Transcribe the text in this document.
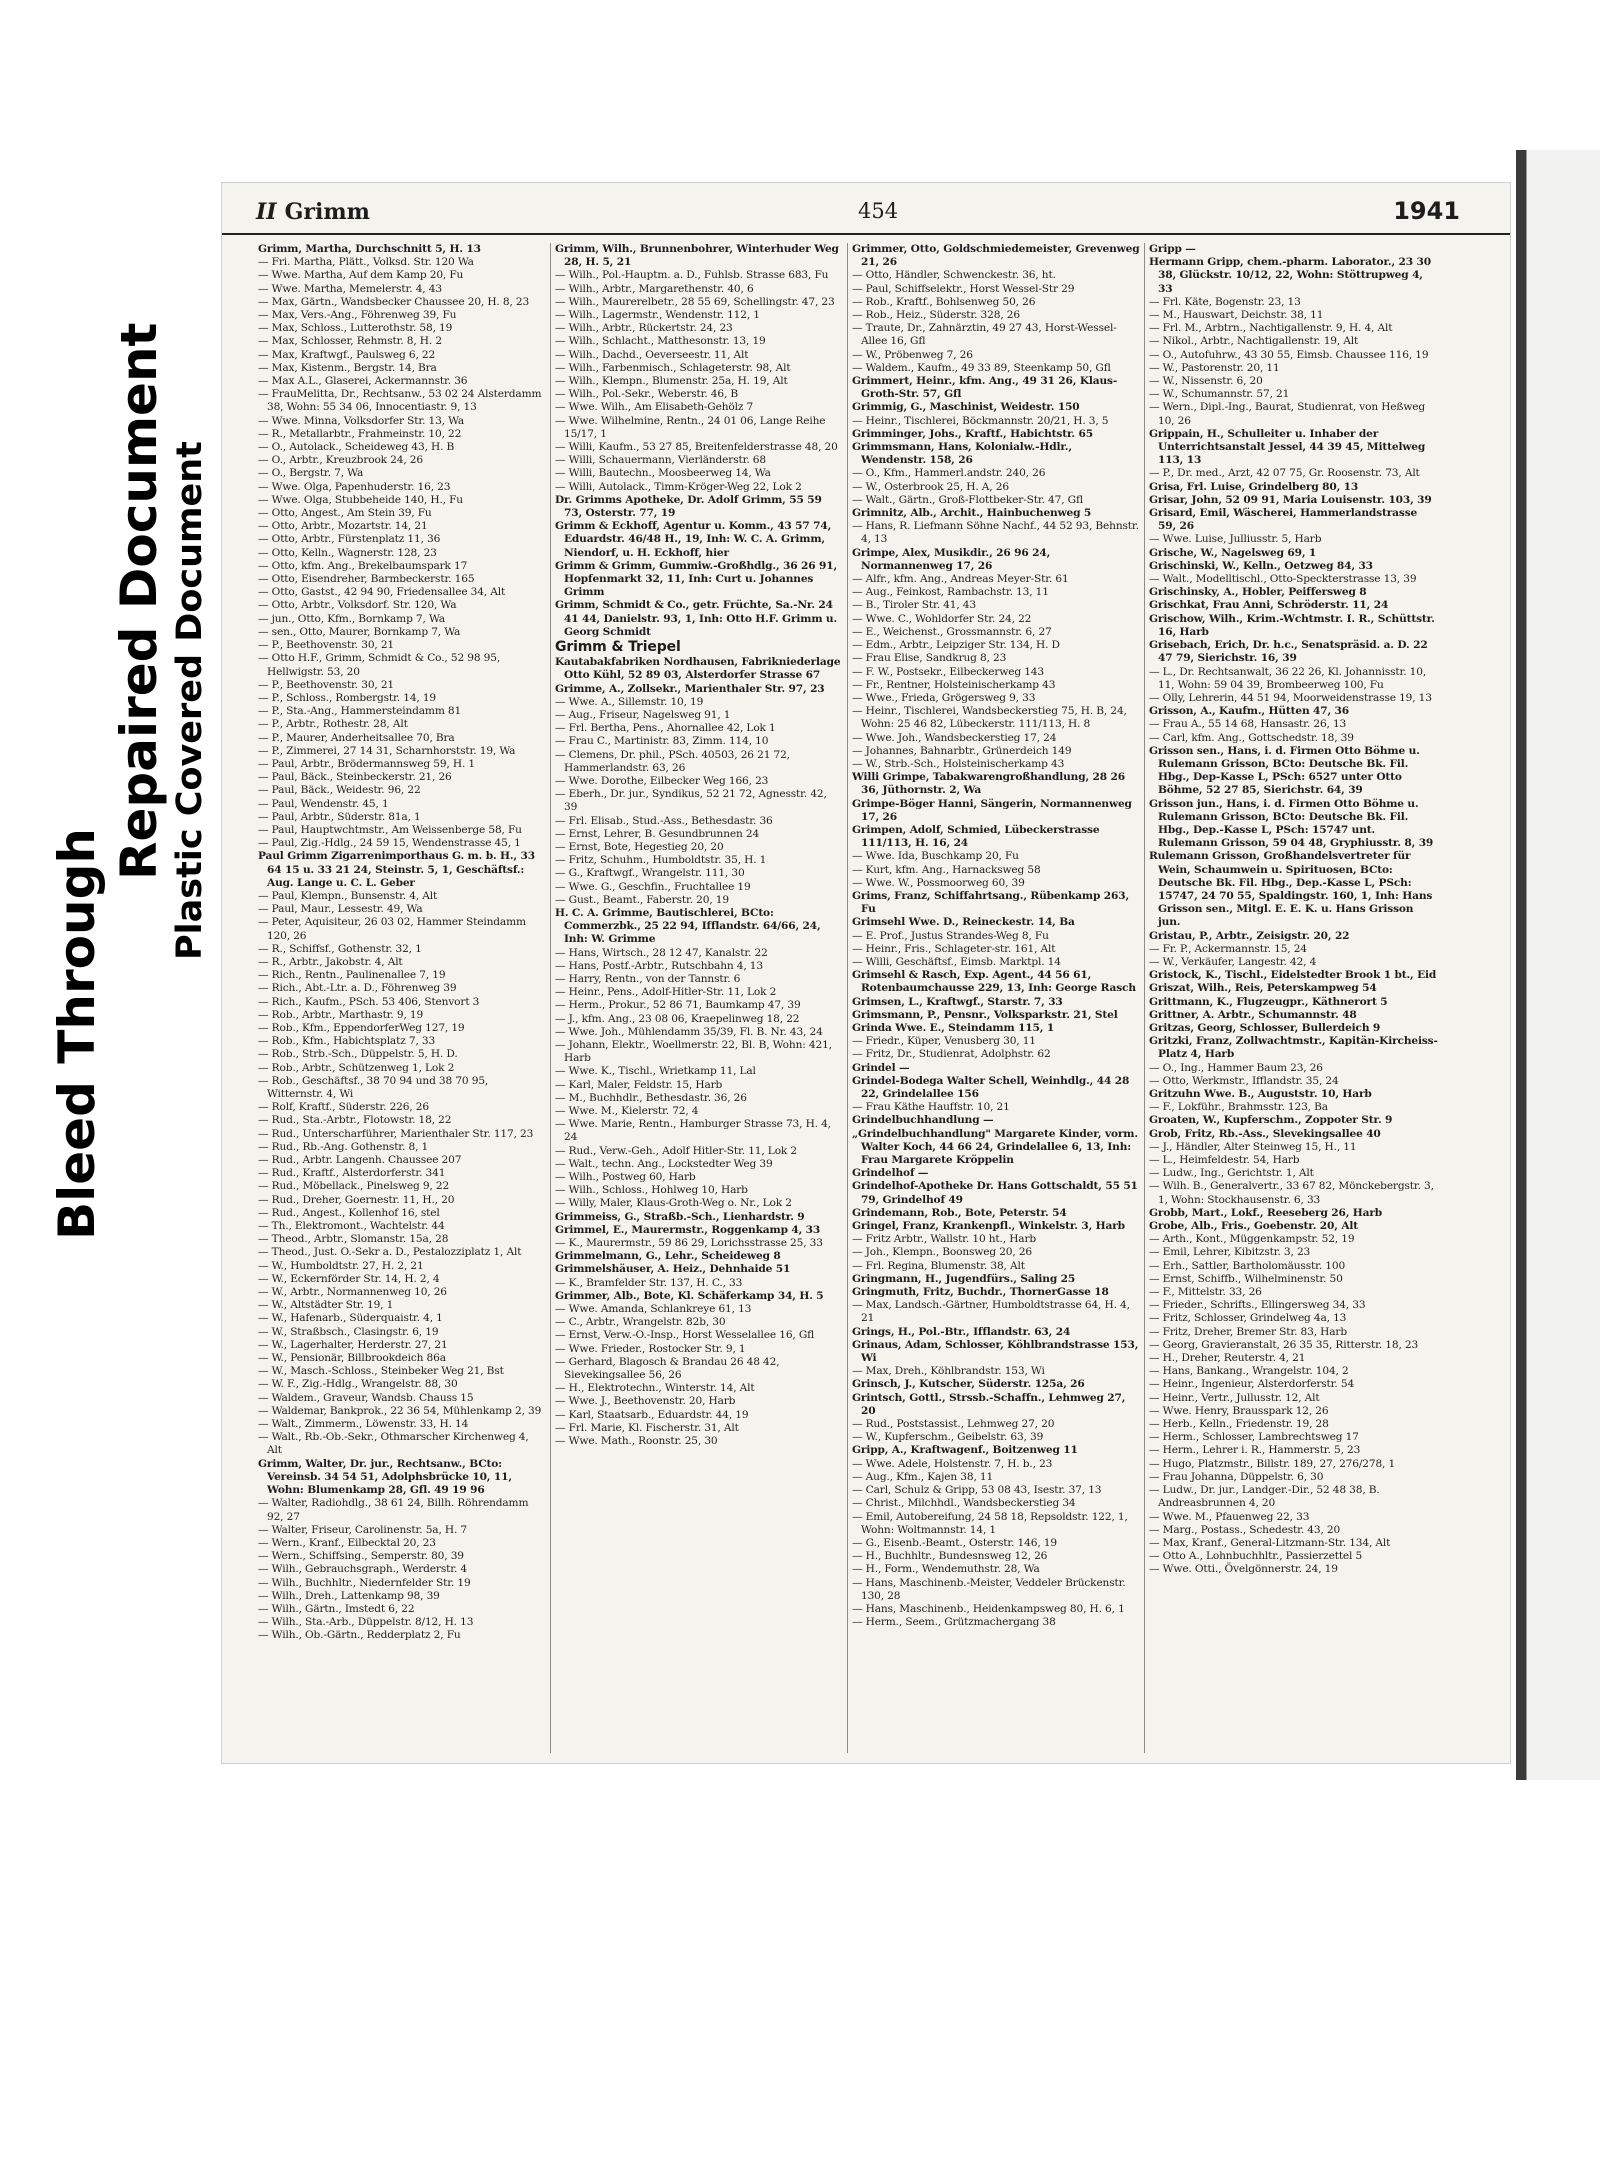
Bleed Through
Repaired Document Plastic Covered Document
II Grimm	454	1941

Grimm, Martha, Durchschnitt 5, H. 13

— Fri. Martha, Plätt., Volksd. Str. 120 Wa

— Wwe. Martha, Auf dem Kamp 20, Fu

— Wwe. Martha, Memelerstr. 4, 43

— Max, Gärtn., Wandsbecker Chaussee 20, H. 8, 23

— Max, Vers.-Ang., Föhrenweg 39, Fu

— Max, Schloss., Lutterothstr. 58, 19

— Max, Schlosser, Rehmstr. 8, H. 2

— Max, Kraftwgf., Paulsweg 6, 22

— Max, Kistenm., Bergstr. 14, Bra

— Max A.L., Glaserei, Ackermannstr. 36

— FrauMelitta, Dr., Rechtsanw., 53 02 24 Alsterdamm 38, Wohn: 55 34 06, Innocentiastr. 9, 13

— Wwe. Minna, Volksdorfer Str. 13, Wa

— R., Metallarbtr., Frahmeinstr. 10, 22

— O., Autolack., Scheideweg 43, H. B

— O., Arbtr., Kreuzbrook 24, 26

— O., Bergstr. 7, Wa

— Wwe. Olga, Papenhuderstr. 16, 23

— Wwe. Olga, Stubbeheide 140, H., Fu

— Otto, Angest., Am Stein 39, Fu

— Otto, Arbtr., Mozartstr. 14, 21

— Otto, Arbtr., Fürstenplatz 11, 36

— Otto, Kelln., Wagnerstr. 128, 23

— Otto, kfm. Ang., Brekelbaumspark 17

— Otto, Eisendreher, Barmbeckerstr. 165

— Otto, Gastst., 42 94 90, Friedensallee 34, Alt

— Otto, Arbtr., Volksdorf. Str. 120, Wa

— jun., Otto, Kfm., Bornkamp 7, Wa

— sen., Otto, Maurer, Bornkamp 7, Wa

— P., Beethovenstr. 30, 21

— Otto H.F., Grimm, Schmidt & Co., 52 98 95, Hellwigstr. 53, 20

— P., Beethovenstr. 30, 21

— P., Schloss., Rombergstr. 14, 19

— P., Sta.-Ang., Hammersteindamm 81

— P., Arbtr., Rothestr. 28, Alt

— P., Maurer, Anderheitsallee 70, Bra

— P., Zimmerei, 27 14 31, Scharnhorststr. 19, Wa

— Paul, Arbtr., Brödermannsweg 59, H. 1

— Paul, Bäck., Steinbeckerstr. 21, 26

— Paul, Bäck., Weidestr. 96, 22

— Paul, Wendenstr. 45, 1

— Paul, Arbtr., Süderstr. 81a, 1

— Paul, Hauptwchtmstr., Am Weissenberge 58, Fu

— Paul, Zig.-Hdlg., 24 59 15, Wendenstrasse 45, 1

Paul Grimm Zigarrenimporthaus G. m. b. H., 33 64 15 u. 33 21 24, Steinstr. 5, 1, Geschäftsf.: Aug. Lange u. C. L. Geber

— Paul, Klempn., Bunsenstr. 4, Alt

— Paul, Maur., Lessestr. 49, Wa

— Peter, Aquisiteur, 26 03 02, Hammer Steindamm 120, 26

— R., Schiffsf., Gothenstr. 32, 1

— R., Arbtr., Jakobstr. 4, Alt

— Rich., Rentn., Paulinenallee 7, 19

— Rich., Abt.-Ltr. a. D., Föhrenweg 39

— Rich., Kaufm., PSch. 53 406, Stenvort 3

— Rob., Arbtr., Marthastr. 9, 19

— Rob., Kfm., EppendorferWeg 127, 19

— Rob., Kfm., Habichtsplatz 7, 33

— Rob., Strb.-Sch., Düppelstr. 5, H. D.

— Rob., Arbtr., Schützenweg 1, Lok 2

— Rob., Geschäftsf., 38 70 94 und 38 70 95, Witternstr. 4, Wi

— Rolf, Kraftf., Süderstr. 226, 26

— Rud., Sta.-Arbtr., Flotowstr. 18, 22

— Rud., Unterscharführer, Marienthaler Str. 117, 23

— Rud., Rb.-Ang. Gothenstr. 8, 1

— Rud., Arbtr. Langenh. Chaussee 207

— Rud., Kraftf., Alsterdorferstr. 341

— Rud., Möbellack., Pinelsweg 9, 22

— Rud., Dreher, Goernestr. 11, H., 20

— Rud., Angest., Kollenhof 16, stel

— Th., Elektromont., Wachtelstr. 44

— Theod., Arbtr., Slomanstr. 15a, 28

— Theod., Just. O.-Sekr a. D., Pestalozziplatz 1, Alt

— W., Humboldtstr. 27, H. 2, 21

— W., Eckernförder Str. 14, H. 2, 4

— W., Arbtr., Normannenweg 10, 26

— W., Altstädter Str. 19, 1

— W., Hafenarb., Süderquaistr. 4, 1

— W., Straßbsch., Clasingstr. 6, 19

— W., Lagerhalter, Herderstr. 27, 21

— W., Pensionär, Billbrookdeich 86a

— W., Masch.-Schloss., Steinbeker Weg 21, Bst

— W. F., Zig.-Hdlg., Wrangelstr. 88, 30

— Waldem., Graveur, Wandsb. Chauss 15

— Waldemar, Bankprok., 22 36 54, Mühlenkamp 2, 39

— Walt., Zimmerm., Löwenstr. 33, H. 14

— Walt., Rb.-Ob.-Sekr., Othmarscher Kirchenweg 4, Alt

Grimm, Walter, Dr. jur., Rechtsanw., BCto: Vereinsb. 34 54 51, Adolphsbrücke 10, 11, Wohn: Blumenkamp 28, Gfl. 49 19 96

— Walter, Radiohdlg., 38 61 24, Billh. Röhrendamm 92, 27

— Walter, Friseur, Carolinenstr. 5a, H. 7

— Wern., Kranf., Eilbecktal 20, 23

— Wern., Schiffsing., Semperstr. 80, 39

— Wilh., Gebrauchsgraph., Werderstr. 4

— Wilh., Buchhltr., Niedernfelder Str. 19

— Wilh., Dreh., Lattenkamp 98, 39

— Wilh., Gärtn., Imstedt 6, 22

— Wilh., Sta.-Arb., Düppelstr. 8/12, H. 13

— Wilh., Ob.-Gärtn., Redderplatz 2, Fu

Grimm, Wilh., Brunnenbohrer, Winterhuder Weg 28, H. 5, 21

— Wilh., Pol.-Hauptm. a. D., Fuhlsb. Strasse 683, Fu

— Wilh., Arbtr., Margarethenstr. 40, 6

— Wilh., Maurerelbetr., 28 55 69, Schellingstr. 47, 23

— Wilh., Lagermstr., Wendenstr. 112, 1

— Wilh., Arbtr., Rückertstr. 24, 23

— Wilh., Schlacht., Matthesonstr. 13, 19

— Wilh., Dachd., Oeverseestr. 11, Alt

— Wilh., Farbenmisch., Schlageterstr. 98, Alt

— Wilh., Klempn., Blumenstr. 25a, H. 19, Alt

— Wilh., Pol.-Sekr., Weberstr. 46, B

— Wwe. Wilh., Am Elisabeth-Gehölz 7

— Wwe. Wilhelmine, Rentn., 24 01 06, Lange Reihe 15/17, 1

— Willi, Kaufm., 53 27 85, Breitenfelderstrasse 48, 20

— Willi, Schauermann, Vierländerstr. 68

— Willi, Bautechn., Moosbeerweg 14, Wa

— Willi, Autolack., Timm-Kröger-Weg 22, Lok 2

Dr. Grimms Apotheke, Dr. Adolf Grimm, 55 59 73, Osterstr. 77, 19

Grimm & Eckhoff, Agentur u. Komm., 43 57 74, Eduardstr. 46/48 H., 19, Inh: W. C. A. Grimm, Niendorf, u. H. Eckhoff, hier

Grimm & Grimm, Gummiw.-Großhdlg., 36 26 91, Hopfenmarkt 32, 11, Inh: Curt u. Johannes Grimm

Grimm, Schmidt & Co., getr. Früchte, Sa.-Nr. 24 41 44, Danielstr. 93, 1, Inh: Otto H.F. Grimm u. Georg Schmidt

Grimm & Triepel

Kautabakfabriken Nordhausen, Fabrikniederlage Otto Kühl, 52 89 03, Alsterdorfer Strasse 67

Grimme, A., Zollsekr., Marienthaler Str. 97, 23

— Wwe. A., Sillemstr. 10, 19

— Aug., Friseur, Nagelsweg 91, 1

— Frl. Bertha, Pens., Ahornallee 42, Lok 1

— Frau C., Martinistr. 83, Zimm. 114, 10

— Clemens, Dr. phil., PSch. 40503, 26 21 72, Hammerlandstr. 63, 26

— Wwe. Dorothe, Eilbecker Weg 166, 23

— Eberh., Dr. jur., Syndikus, 52 21 72, Agnesstr. 42, 39

— Frl. Elisab., Stud.-Ass., Bethesdastr. 36

— Ernst, Lehrer, B. Gesundbrunnen 24

— Ernst, Bote, Hegestieg 20, 20

— Fritz, Schuhm., Humboldtstr. 35, H. 1

— G., Kraftwgf., Wrangelstr. 111, 30

— Wwe. G., Geschfin., Fruchtallee 19

— Gust., Beamt., Faberstr. 20, 19

H. C. A. Grimme, Bautischlerei, BCto: Commerzbk., 25 22 94, Ifflandstr. 64/66, 24, Inh: W. Grimme

— Hans, Wirtsch., 28 12 47, Kanalstr. 22

— Hans, Postf.-Arbtr., Rutschbahn 4, 13

— Harry, Rentn., von der Tannstr. 6

— Heinr., Pens., Adolf-Hitler-Str. 11, Lok 2

— Herm., Prokur., 52 86 71, Baumkamp 47, 39

— J., kfm. Ang., 23 08 06, Kraepelinweg 18, 22

— Wwe. Joh., Mühlendamm 35/39, Fl. B. Nr. 43, 24

— Johann, Elektr., Woellmerstr. 22, Bl. B, Wohn: 421, Harb

— Wwe. K., Tischl., Wrietkamp 11, Lal

— Karl, Maler, Feldstr. 15, Harb

— M., Buchhdlr., Bethesdastr. 36, 26

— Wwe. M., Kielerstr. 72, 4

— Wwe. Marie, Rentn., Hamburger Strasse 73, H. 4, 24

— Rud., Verw.-Geh., Adolf Hitler-Str. 11, Lok 2

— Walt., techn. Ang., Lockstedter Weg 39

— Wilh., Postweg 60, Harb

— Wilh., Schloss., Hohlweg 10, Harb

— Willy, Maler, Klaus-Groth-Weg o. Nr., Lok 2

Grimmeiss, G., Straßb.-Sch., Lienhardstr. 9

Grimmel, E., Maurermstr., Roggenkamp 4, 33

— K., Maurermstr., 59 86 29, Lorichsstrasse 25, 33

Grimmelmann, G., Lehr., Scheideweg 8

Grimmelshäuser, A. Heiz., Dehnhaide 51

— K., Bramfelder Str. 137, H. C., 33

Grimmer, Alb., Bote, Kl. Schäferkamp 34, H. 5

— Wwe. Amanda, Schlankreye 61, 13

— C., Arbtr., Wrangelstr. 82b, 30

— Ernst, Verw.-O.-Insp., Horst Wesselallee 16, Gfl

— Wwe. Frieder., Rostocker Str. 9, 1

— Gerhard, Blagosch & Brandau 26 48 42, Sievekingsallee 56, 26

— H., Elektrotechn., Winterstr. 14, Alt

— Wwe. J., Beethovenstr. 20, Harb

— Karl, Staatsarb., Eduardstr. 44, 19

— Frl. Marie, Kl. Fischerstr. 31, Alt

— Wwe. Math., Roonstr. 25, 30

Grimmer, Otto, Goldschmiedemeister, Grevenweg 21, 26

— Otto, Händler, Schwenckestr. 36, ht.

— Paul, Schiffselektr., Horst Wessel-Str 29

— Rob., Kraftf., Bohlsenweg 50, 26

— Rob., Heiz., Süderstr. 328, 26

— Traute, Dr., Zahnärztin, 49 27 43, Horst-Wessel-Allee 16, Gfl

— W., Pröbenweg 7, 26

— Waldem., Kaufm., 49 33 89, Steenkamp 50, Gfl

Grimmert, Heinr., kfm. Ang., 49 31 26, Klaus-Groth-Str. 57, Gfl

Grimmig, G., Maschinist, Weidestr. 150

— Heinr., Tischlerei, Böckmannstr. 20/21, H. 3, 5

Grimminger, Johs., Kraftf., Habichtstr. 65

Grimmsmann, Hans, Kolonialw.-Hdlr., Wendenstr. 158, 26

— O., Kfm., Hammerl.andstr. 240, 26

— W., Osterbrook 25, H. A, 26

— Walt., Gärtn., Groß-Flottbeker-Str. 47, Gfl

Grimnitz, Alb., Archit., Hainbuchenweg 5

— Hans, R. Liefmann Söhne Nachf., 44 52 93, Behnstr. 4, 13

Grimpe, Alex, Musikdir., 26 96 24, Normannenweg 17, 26

— Alfr., kfm. Ang., Andreas Meyer-Str. 61

— Aug., Feinkost, Rambachstr. 13, 11

— B., Tiroler Str. 41, 43

— Wwe. C., Wohldorfer Str. 24, 22

— E., Weichenst., Grossmannstr. 6, 27

— Edm., Arbtr., Leipziger Str. 134, H. D

— Frau Elise, Sandkrug 8, 23

— F. W., Postsekr., Eilbeckerweg 143

— Fr., Rentner, Holsteinischerkamp 43

— Wwe., Frieda, Grögersweg 9, 33

— Heinr., Tischlerei, Wandsbeckerstieg 75, H. B, 24, Wohn: 25 46 82, Lübeckerstr. 111/113, H. 8

— Wwe. Joh., Wandsbeckerstieg 17, 24

— Johannes, Bahnarbtr., Grünerdeich 149

— W., Strb.-Sch., Holsteinischerkamp 43

Willi Grimpe, Tabakwarengroßhandlung, 28 26 36, Jüthornstr. 2, Wa

Grimpe-Böger Hanni, Sängerin, Normannenweg 17, 26

Grimpen, Adolf, Schmied, Lübeckerstrasse 111/113, H. 16, 24

— Wwe. Ida, Buschkamp 20, Fu

— Kurt, kfm. Ang., Harnacksweg 58

— Wwe. W., Possmoorweg 60, 39

Grims, Franz, Schiffahrtsang., Rübenkamp 263, Fu

Grimsehl Wwe. D., Reineckestr. 14, Ba

— E. Prof., Justus Strandes-Weg 8, Fu

— Heinr., Fris., Schlageter-str. 161, Alt

— Willi, Geschäftsf., Eimsb. Marktpl. 14

Grimsehl & Rasch, Exp. Agent., 44 56 61, Rotenbaumchausse 229, 13, Inh: George Rasch

Grimsen, L., Kraftwgf., Starstr. 7, 33

Grimsmann, P., Pensnr., Volksparkstr. 21, Stel

Grinda Wwe. E., Steindamm 115, 1

— Friedr., Küper, Venusberg 30, 11

— Fritz, Dr., Studienrat, Adolphstr. 62

Grindel —

Grindel-Bodega Walter Schell, Weinhdlg., 44 28 22, Grindelallee 156

— Frau Käthe Hauffstr. 10, 21

Grindelbuchhandlung —

„Grindelbuchhandlung" Margarete Kinder, vorm. Walter Koch, 44 66 24, Grindelallee 6, 13, Inh: Frau Margarete Kröppelin

Grindelhof —

Grindelhof-Apotheke Dr. Hans Gottschaldt, 55 51 79, Grindelhof 49

Grindemann, Rob., Bote, Peterstr. 54

Gringel, Franz, Krankenpfl., Winkelstr. 3, Harb

— Fritz Arbtr., Wallstr. 10 ht., Harb

— Joh., Klempn., Boonsweg 20, 26

— Frl. Regina, Blumenstr. 38, Alt

Gringmann, H., Jugendfürs., Saling 25

Gringmuth, Fritz, Buchdr., ThornerGasse 18

— Max, Landsch.-Gärtner, Humboldtstrasse 64, H. 4, 21

Grings, H., Pol.-Btr., Ifflandstr. 63, 24

Grinaus, Adam, Schlosser, Köhlbrandstrasse 153, Wi

— Max, Dreh., Köhlbrandstr. 153, Wi

Grinsch, J., Kutscher, Süderstr. 125a, 26

Grintsch, Gottl., Strssb.-Schaffn., Lehmweg 27, 20

— Rud., Poststassist., Lehmweg 27, 20

— W., Kupferschm., Geibelstr. 63, 39

Gripp, A., Kraftwagenf., Boitzenweg 11

— Wwe. Adele, Holstenstr. 7, H. b., 23

— Aug., Kfm., Kajen 38, 11

— Carl, Schulz & Gripp, 53 08 43, Isestr. 37, 13

— Christ., Milchhdl., Wandsbeckerstieg 34

— Emil, Autobereifung, 24 58 18, Repsoldstr. 122, 1, Wohn: Woltmannstr. 14, 1

— G., Eisenb.-Beamt., Osterstr. 146, 19

— H., Buchhltr., Bundesnsweg 12, 26

— H., Form., Wendemuthstr. 28, Wa

— Hans, Maschinenb.-Meister, Veddeler Brückenstr. 130, 28

— Hans, Maschinenb., Heidenkampsweg 80, H. 6, 1

— Herm., Seem., Grützmachergang 38

Gripp —

Hermann Gripp, chem.-pharm. Laborator., 23 30 38, Glückstr. 10/12, 22, Wohn: Stöttrupweg 4, 33

— Frl. Käte, Bogenstr. 23, 13

— M., Hauswart, Deichstr. 38, 11

— Frl. M., Arbtrn., Nachtigallenstr. 9, H. 4, Alt

— Nikol., Arbtr., Nachtigallenstr. 19, Alt

— O., Autofuhrw., 43 30 55, Eimsb. Chaussee 116, 19

— W., Pastorenstr. 20, 11

— W., Nissenstr. 6, 20

— W., Schumannstr. 57, 21

— Wern., Dipl.-Ing., Baurat, Studienrat, von Heßweg 10, 26

Grippain, H., Schulleiter u. Inhaber der Unterrichtsanstalt Jessel, 44 39 45, Mittelweg 113, 13

— P., Dr. med., Arzt, 42 07 75, Gr. Roosenstr. 73, Alt

Grisa, Frl. Luise, Grindelberg 80, 13

Grisar, John, 52 09 91, Maria Louisenstr. 103, 39

Grisard, Emil, Wäscherei, Hammerlandstrasse 59, 26

— Wwe. Luise, Julliusstr. 5, Harb

Grische, W., Nagelsweg 69, 1

Grischinski, W., Kelln., Oetzweg 84, 33

— Walt., Modelltischl., Otto-Speckterstrasse 13, 39

Grischinsky, A., Hobler, Peiffersweg 8

Grischkat, Frau Anni, Schröderstr. 11, 24

Grischow, Wilh., Krim.-Wchtmstr. I. R., Schüttstr. 16, Harb

Grisebach, Erich, Dr. h.c., Senatspräsid. a. D. 22 47 79, Sierichstr. 16, 39

— L., Dr. Rechtsanwalt, 36 22 26, Kl. Johannisstr. 10, 11, Wohn: 59 04 39, Brombeerweg 100, Fu

— Olly, Lehrerin, 44 51 94, Moorweidenstrasse 19, 13

Grisson, A., Kaufm., Hütten 47, 36

— Frau A., 55 14 68, Hansastr. 26, 13

— Carl, kfm. Ang., Gottschedstr. 18, 39

Grisson sen., Hans, i. d. Firmen Otto Böhme u. Rulemann Grisson, BCto: Deutsche Bk. Fil. Hbg., Dep-Kasse L, PSch: 6527 unter Otto Böhme, 52 27 85, Sierichstr. 64, 39

Grisson jun., Hans, i. d. Firmen Otto Böhme u. Rulemann Grisson, BCto: Deutsche Bk. Fil. Hbg., Dep.-Kasse L, PSch: 15747 unt. Rulemann Grisson, 59 04 48, Gryphiusstr. 8, 39

Rulemann Grisson, Großhandelsvertreter für Wein, Schaumwein u. Spirituosen, BCto: Deutsche Bk. Fil. Hbg., Dep.-Kasse L, PSch: 15747, 24 70 55, Spaldingstr. 160, 1, Inh: Hans Grisson sen., Mitgl. E. E. K. u. Hans Grisson jun.

Gristau, P., Arbtr., Zeisigstr. 20, 22

— Fr. P., Ackermannstr. 15, 24

— W., Verkäufer, Langestr. 42, 4

Gristock, K., Tischl., Eidelstedter Brook 1 bt., Eid

Griszat, Wilh., Reis, Peterskampweg 54

Grittmann, K., Flugzeugpr., Käthnerort 5

Grittner, A. Arbtr., Schumannstr. 48

Gritzas, Georg, Schlosser, Bullerdeich 9

Gritzki, Franz, Zollwachtmstr., Kapitän-Kircheiss-Platz 4, Harb

— O., Ing., Hammer Baum 23, 26

— Otto, Werkmstr., Ifflandstr. 35, 24

Gritzuhn Wwe. B., Auguststr. 10, Harb

— F., Lokführ., Brahmsstr. 123, Ba

Groaten, W., Kupferschm., Zoppoter Str. 9

Grob, Fritz, Rb.-Ass., Slevekingsallee 40

— J., Händler, Alter Steinweg 15, H., 11

— L., Heimfeldestr. 54, Harb

— Ludw., Ing., Gerichtstr. 1, Alt

— Wilh. B., Generalvertr., 33 67 82, Mönckebergstr. 3, 1, Wohn: Stockhausenstr. 6, 33

Grobb, Mart., Lokf., Reeseberg 26, Harb

Grobe, Alb., Fris., Goebenstr. 20, Alt

— Arth., Kont., Müggenkampstr. 52, 19

— Emil, Lehrer, Kibitzstr. 3, 23

— Erh., Sattler, Bartholomäusstr. 100

— Ernst, Schiffb., Wilhelminenstr. 50

— F., Mittelstr. 33, 26

— Frieder., Schrifts., Ellingersweg 34, 33

— Fritz, Schlosser, Grindelweg 4a, 13

— Fritz, Dreher, Bremer Str. 83, Harb

— Georg, Gravieranstalt, 26 35 35, Ritterstr. 18, 23

— H., Dreher, Reuterstr. 4, 21

— Hans, Bankang., Wrangelstr. 104, 2

— Heinr., Ingenieur, Alsterdorferstr. 54

— Heinr., Vertr., Jullusstr. 12, Alt

— Wwe. Henry, Brausspark 12, 26

— Herb., Kelln., Friedenstr. 19, 28

— Herm., Schlosser, Lambrechtsweg 17

— Herm., Lehrer i. R., Hammerstr. 5, 23

— Hugo, Platzmstr., Billstr. 189, 27, 276/278, 1

— Frau Johanna, Düppelstr. 6, 30

— Ludw., Dr. jur., Landger.-Dir., 52 48 38, B. Andreasbrunnen 4, 20

— Wwe. M., Pfauenweg 22, 33

— Marg., Postass., Schedestr. 43, 20

— Max, Kranf., General-Litzmann-Str. 134, Alt

— Otto A., Lohnbuchhltr., Passierzettel 5

— Wwe. Otti., Övelgönnerstr. 24, 19
